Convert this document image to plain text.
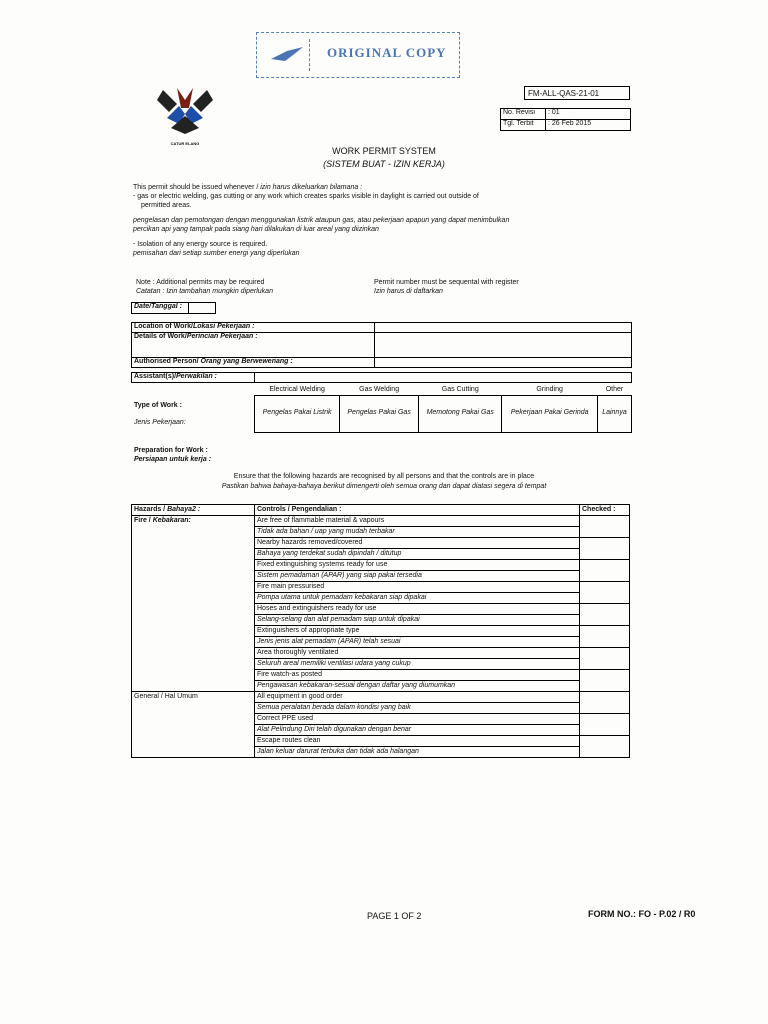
ORIGINAL COPY
CATUR ELANG
FM-ALL-QAS-21-01
No. Revisi	: 01
Tgl. Terbit	: 26 Feb 2015
WORK PERMIT SYSTEM
(SISTEM BUAT - IZIN KERJA)
This permit should be issued whenever / izin harus dikeluarkan bilamana :
- gas or electric welding, gas cutting or any work which creates sparks visible in daylight is carried out outside of
permitted areas.
pengelasan dan pemotongan dengan menggunakan listrik ataupun gas, atau pekerjaan apapun yang dapat menimbulkan
percikan api yang tampak pada siang hari dilakukan di luar areal yang diizinkan
- Isolation of any energy source is required.
pemisahan dari setiap sumber energi yang diperlukan
Note : Additional permits may be required
Catatan : Izin tambahan mungkin diperlukan
Permit number must be sequental with register
Izin harus di daftarkan
Date/Tanggal :	
Location of Work/Lokasi Pekerjaan :	
Details of Work/Perincian Pekerjaan :	
Authorised Person/ Orang yang Berwewenang :	
Assistant(s)/Perwakilan :	
Type of Work :
Jenis Pekerjaan:
Electrical Welding
Pengelas Pakai Listrik

Gas Welding
Pengelas Pakai Gas

Gas Cutting
Memotong Pakai Gas

Grinding
Pekerjaan Pakai Gerinda

Other
Lainnya
Preparation for Work :
Persiapan untuk kerja :
Ensure that the following hazards are recognised by all persons and that the controls are in place
Pastikan bahwa bahaya-bahaya berikut dimengerti oleh semua orang dan dapat diatasi segera di tempat
Hazards / Bahaya2 :	Controls / Pengendalian :	Checked :
Fire / Kebakaran:	Are free of flammable material & vapours	
	Tidak ada bahan / uap yang mudah terbakar	
	Nearby hazards removed/covered	
	Bahaya yang terdekat sudah dipindah / ditutup	
	Fixed extinguishing systems ready for use	
	Sistem pemadaman (APAR) yang siap pakai tersedia	
	Fire main pressurised	
	Pompa utama untuk pemadam kebakaran siap dipakai	
	Hoses and extinguishers ready for use	
	Selang-selang dan alat pemadam siap untuk dipakai	
	Extinguishers of appropriate type	
	Jenis jenis alat pemadam (APAR) telah sesuai	
	Area thoroughly ventilated	
	Seluruh areal memiliki ventilasi udara yang cukup	
	Fire watch-as posted	
	Pengawasan kebakaran-sesuai dengan daftar yang diumumkan	
General / Hal Umum	All equipment in good order	
	Semua peralatan berada dalam kondisi yang baik	
	Correct PPE used	
	Alat Pelindung Diri telah digunakan dengan benar	
	Escape routes clean	
	Jalan keluar darurat terbuka dan tidak ada halangan	
PAGE 1 OF 2	FORM NO.: FO - P.02 / R0
